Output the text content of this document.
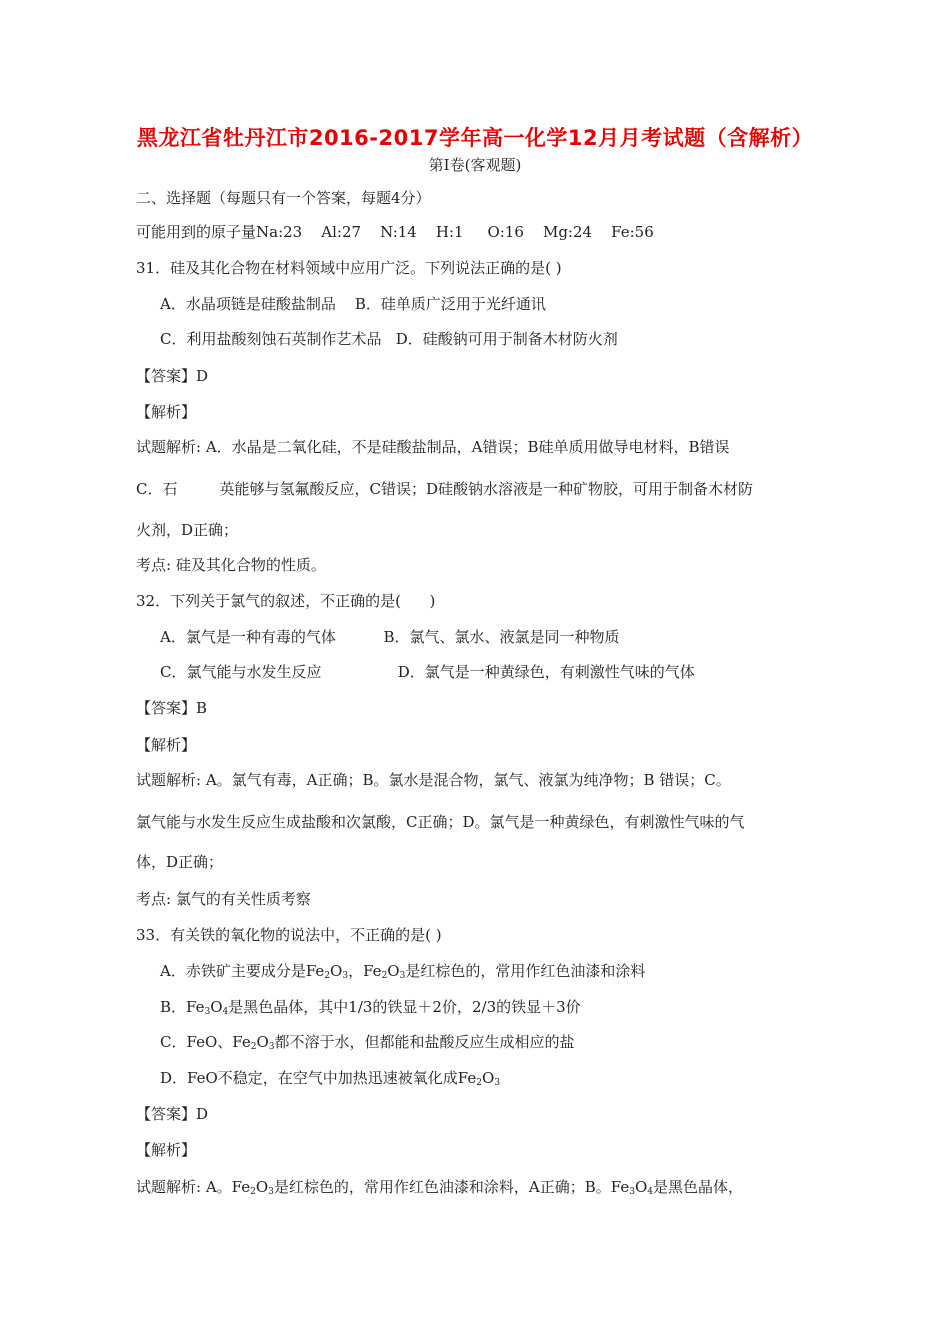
黑龙江省牡丹江市2016-2017学年高一化学12月月考试题（含解析）
第I卷(客观题)
二、选择题（每题只有一个答案，每题4分）
可能用到的原子量Na:23    Al:27    N:14    H:1     O:16    Mg:24    Fe:56
31．硅及其化合物在材料领域中应用广泛。下列说法正确的是( )
A．水晶项链是硅酸盐制品    B．硅单质广泛用于光纤通讯
C．利用盐酸刻蚀石英制作艺术品   D．硅酸钠可用于制备木材防火剂
【答案】D
【解析】
试题解析: A．水晶是二氧化硅，不是硅酸盐制品，A错误；B硅单质用做导电材料，B错误
C．石	英能够与氢氟酸反应，C错误；D硅酸钠水溶液是一种矿物胶，可用于制备木材防
火剂，D正确；
考点: 硅及其化合物的性质。
32．下列关于氯气的叙述，不正确的是(      )
A．氯气是一种有毒的气体          B．氯气、氯水、液氯是同一种物质
C．氯气能与水发生反应                D．氯气是一种黄绿色，有刺激性气味的气体
【答案】B
【解析】
试题解析: A。氯气有毒，A正确；B。氯水是混合物，氯气、液氯为纯净物；B 错误；C。
氯气能与水发生反应生成盐酸和次氯酸，C正确；D。氯气是一种黄绿色，有刺激性气味的气
体，D正确；
考点: 氯气的有关性质考察
33．有关铁的氧化物的说法中，不正确的是( )
A．赤铁矿主要成分是$Fe_2O_3$，$Fe_2O_3$是红棕色的，常用作红色油漆和涂料
B．$Fe_3O_4$是黑色晶体，其中1/3的铁显＋2价，2/3的铁显＋3价
C．FeO、$Fe_2O_3$都不溶于水，但都能和盐酸反应生成相应的盐
D．FeO不稳定，在空气中加热迅速被氧化成$Fe_2O_3$
【答案】D
【解析】
试题解析: A。$Fe_2O_3$是红棕色的，常用作红色油漆和涂料，A正确；B。$Fe_3O_4$是黑色晶体，
